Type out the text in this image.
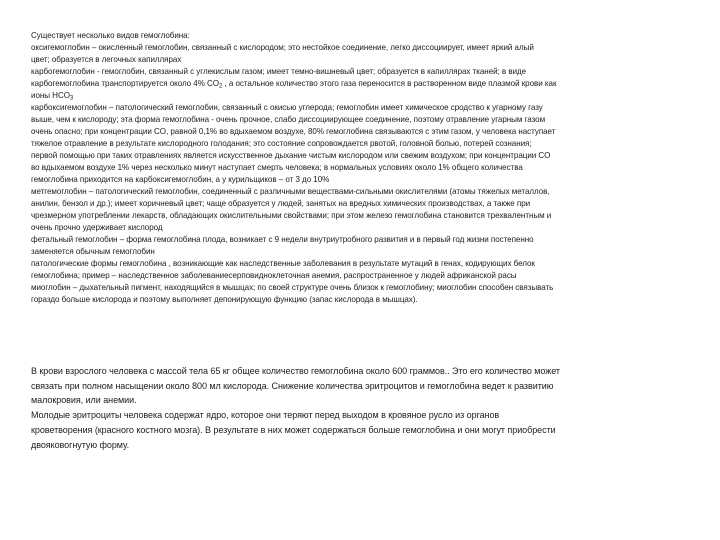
Существует несколько видов гемоглобина:
оксигемоглобин – окисленный гемоглобин, связанный с кислородом; это нестойкое соединение, легко диссоциирует, имеет яркий алый
цвет; образуется в легочных капиллярах
карбогемоглобин - гемоглобин, связанный с углекислым газом; имеет темно-вишневый цвет; образуется в капиллярах тканей; в виде
карбогемоглобина транспортируется около 4% $CO_2$ , а остальное количество этого газа переносится в растворенном виде плазмой крови как
ионы $HCO_3$
карбоксигемоглобин – патологический гемоглобин, связанный с окисью углерода; гемоглобин имеет химическое сродство к угарному газу
выше, чем к кислороду; эта форма гемоглобина - очень прочное, слабо диссоциирующее соединение, поэтому отравление угарным газом
очень опасно; при концентрации CO, равной 0,1% во вдыхаемом воздухе, 80% гемоглобина связываются с этим газом, у человека наступает
тяжелое отравление в результате кислородного голодания; это состояние сопровождается рвотой, головной болью, потерей сознания;
первой помощью при таких отравлениях является искусственное дыхание чистым кислородом или свежим воздухом; при концентрации CO
во вдыхаемом воздухе 1% через несколько минут наступает смерть человека; в нормальных условиях около 1% общего количества
гемоглобина приходится на карбоксигемоглобин, а у курильщиков – от 3 до 10%
метгемоглобин – патологический гемоглобин, соединенный с различными веществами-сильными окислителями (атомы тяжелых металлов,
анилин, бензол и др.); имеет коричневый цвет; чаще образуется у людей, занятых на вредных химических производствах, а также при
чрезмерном употреблении лекарств, обладающих окислительными свойствами; при этом железо гемоглобина становится трехвалентным и
очень прочно удерживает кислород
фетальный гемоглобин – форма гемоглобина плода, возникает с 9 недели внутриутробного развития и в первый год жизни постепенно
заменяется обычным гемоглобин
патологические формы гемоглобина , возникающие как наследственные заболевания в результате мутаций в генах, кодирующих белок
гемоглобина; пример – наследственное заболеваниесерповидноклеточная анемия, распространенное у людей африканской расы
миоглобин – дыхательный пигмент, находящийся в мышцах; по своей структуре очень близок к гемоглобину; миоглобин способен связывать
гораздо больше кислорода и поэтому выполняет депонирующую функцию (запас кислорода в мышцах).
В крови взрослого человека с массой тела 65 кг общее количество гемоглобина около 600 граммов.. Это его количество может
связать при полном насыщении около 800 мл кислорода. Снижение количества эритроцитов и гемоглобина ведет к развитию
малокровия, или анемии.
Молодые эритроциты человека содержат ядро, которое они теряют перед выходом в кровяное русло из органов
кроветворения (красного костного мозга). В результате в них может содержаться больше гемоглобина и они могут приобрести
двояковогнутую форму.
